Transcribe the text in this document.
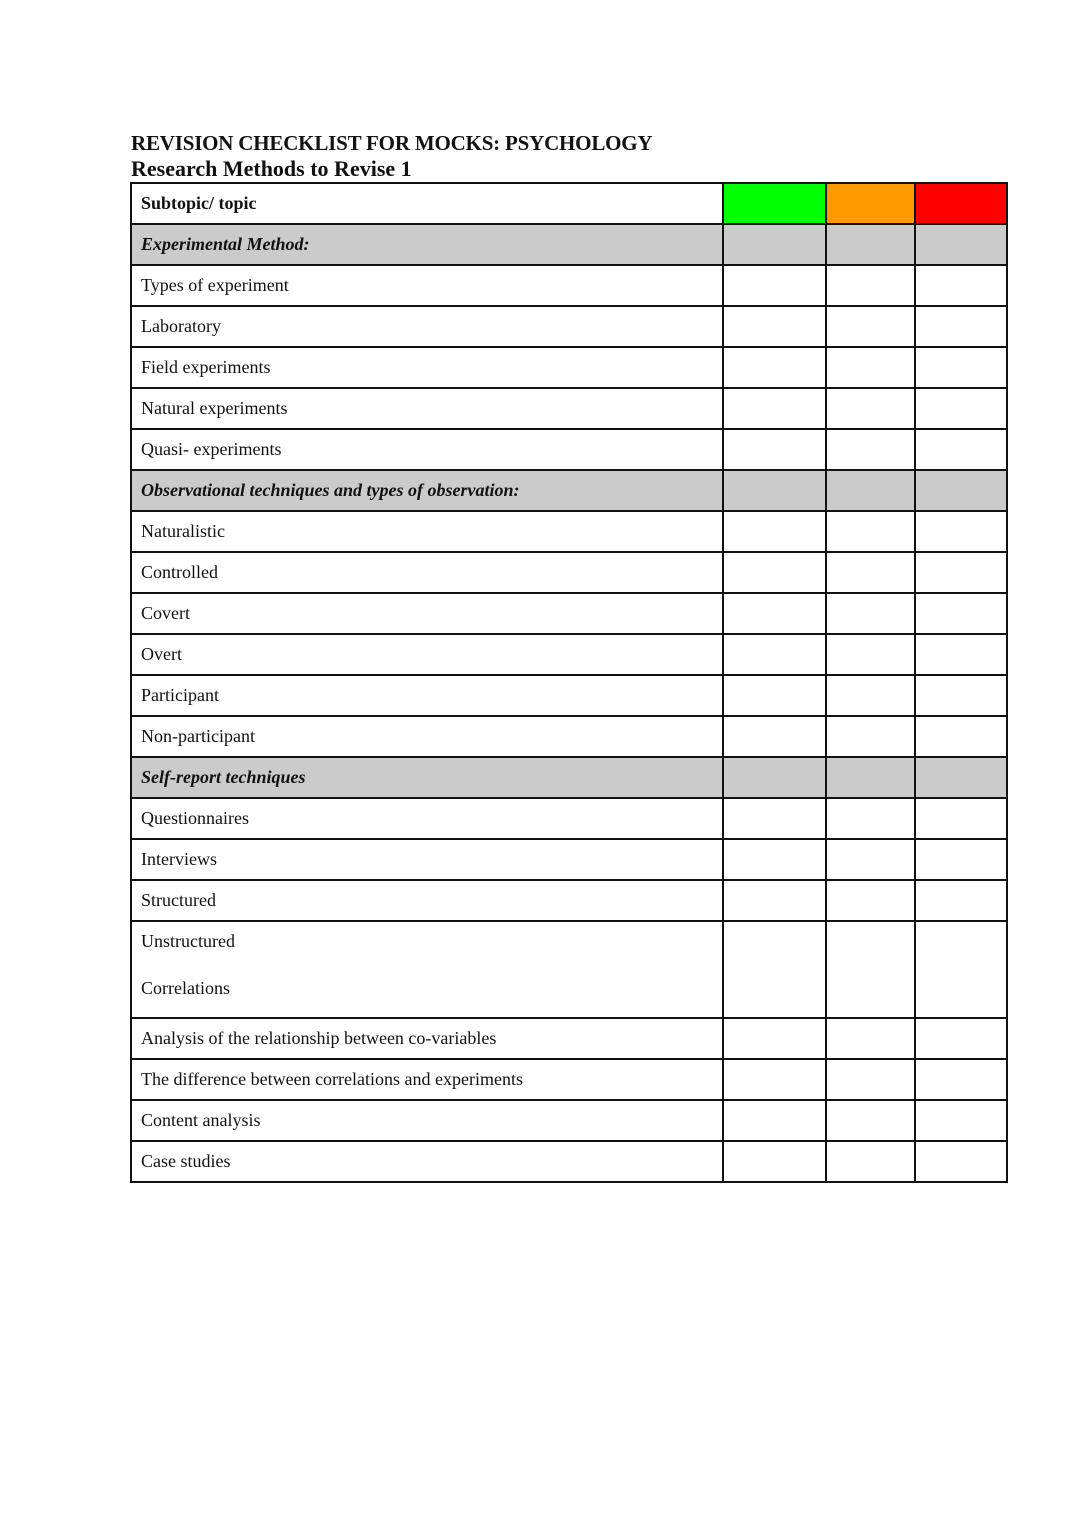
REVISION CHECKLIST FOR MOCKS: PSYCHOLOGY
Research Methods to Revise 1
Subtopic/ topic			
Experimental Method:			
Types of experiment			
Laboratory			
Field experiments			
Natural experiments			
Quasi- experiments			
Observational techniques and types of observation:			
Naturalistic			
Controlled			
Covert			
Overt			
Participant			
Non-participant			
Self-report techniques			
Questionnaires			
Interviews			
Structured			
Unstructured
Correlations			

Analysis of the relationship between co-variables			
The difference between correlations and experiments			
Content analysis			
Case studies			
